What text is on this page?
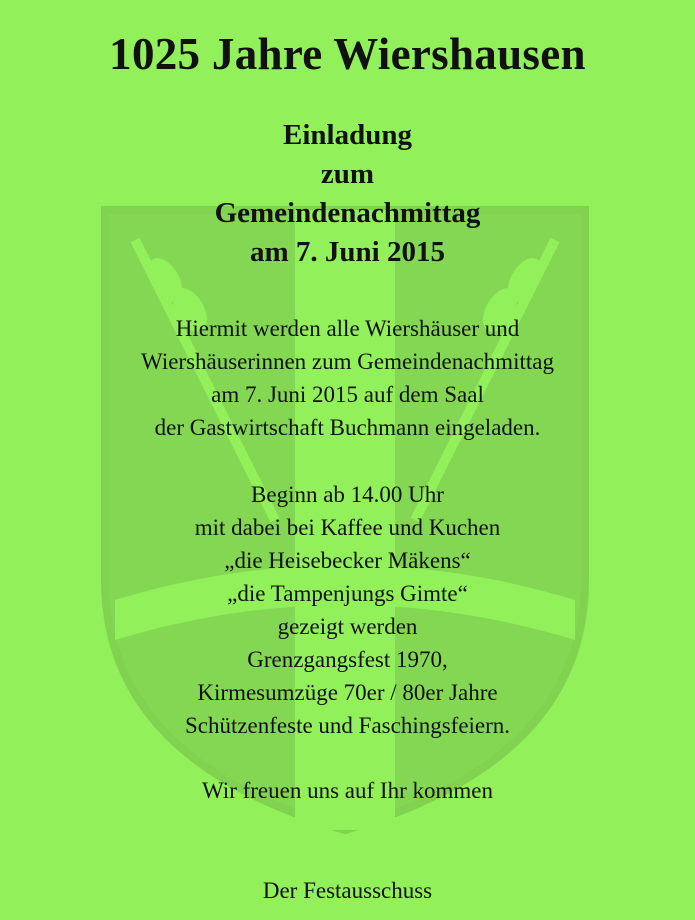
1025 Jahre Wiershausen
Einladung
zum
Gemeindenachmittag
am 7. Juni 2015
Hiermit werden alle Wiershäuser und
Wiershäuserinnen zum Gemeindenachmittag
am 7. Juni 2015 auf dem Saal
der Gastwirtschaft Buchmann eingeladen.
Beginn ab 14.00 Uhr
mit dabei bei Kaffee und Kuchen
„die Heisebecker Mäkens“
„die Tampenjungs Gimte“
gezeigt werden
Grenzgangsfest 1970,
Kirmesumzüge 70er / 80er Jahre
Schützenfeste und Faschingsfeiern.
Wir freuen uns auf Ihr kommen
Der Festausschuss
